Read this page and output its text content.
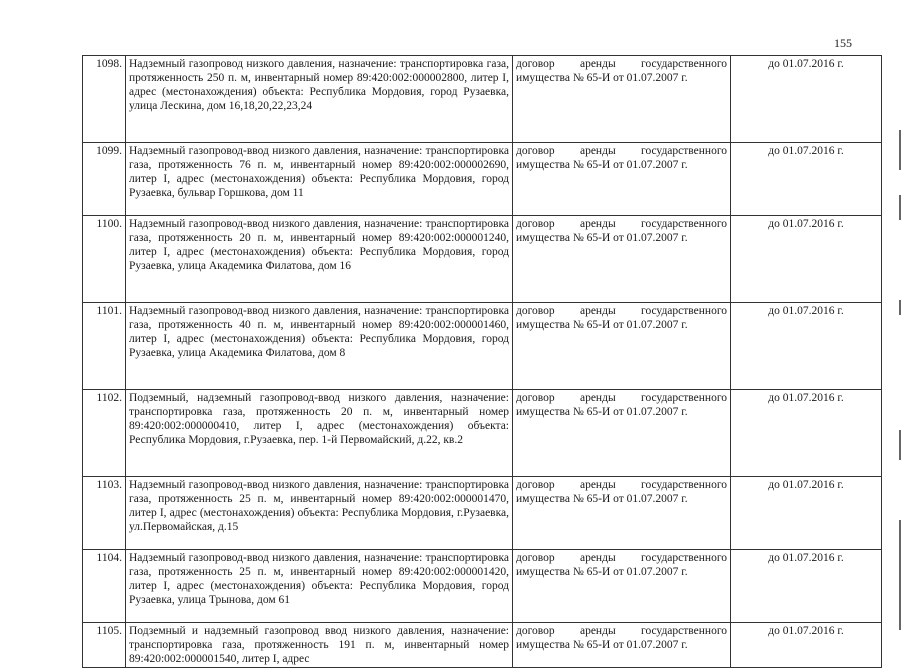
155
1098.	Надземный газопровод низкого давления, назначение: транспортировка газа, протяженность 250 п. м, инвентарный номер 89:420:002:000002800, литер I, адрес (местонахождения) объекта: Республика Мордовия, город Рузаевка, улица Лескина, дом 16,18,20,22,23,24	договор аренды государственного имущества № 65-И от 01.07.2007 г.	до 01.07.2016 г.
1099.	Надземный газопровод-ввод низкого давления, назначение: транспортировка газа, протяженность 76 п. м, инвентарный номер 89:420:002:000002690, литер I, адрес (местонахождения) объекта: Республика Мордовия, город Рузаевка, бульвар Горшкова, дом 11	договор аренды государственного имущества № 65-И от 01.07.2007 г.	до 01.07.2016 г.
1100.	Надземный газопровод-ввод низкого давления, назначение: транспортировка газа, протяженность 20 п. м, инвентарный номер 89:420:002:000001240, литер I, адрес (местонахождения) объекта: Республика Мордовия, город Рузаевка, улица Академика Филатова, дом 16	договор аренды государственного имущества № 65-И от 01.07.2007 г.	до 01.07.2016 г.
1101.	Надземный газопровод-ввод низкого давления, назначение: транспортировка газа, протяженность 40 п. м, инвентарный номер 89:420:002:000001460, литер I, адрес (местонахождения) объекта: Республика Мордовия, город Рузаевка, улица Академика Филатова, дом 8	договор аренды государственного имущества № 65-И от 01.07.2007 г.	до 01.07.2016 г.
1102.	Подземный, надземный газопровод-ввод низкого давления, назначение: транспортировка газа, протяженность 20 п. м, инвентарный номер 89:420:002:000000410, литер I, адрес (местонахождения) объекта: Республика Мордовия, г.Рузаевка, пер. 1-й Первомайский, д.22, кв.2	договор аренды государственного имущества № 65-И от 01.07.2007 г.	до 01.07.2016 г.
1103.	Надземный газопровод-ввод низкого давления, назначение: транспортировка газа, протяженность 25 п. м, инвентарный номер 89:420:002:000001470, литер I, адрес (местонахождения) объекта: Республика Мордовия, г.Рузаевка, ул.Первомайская, д.15	договор аренды государственного имущества № 65-И от 01.07.2007 г.	до 01.07.2016 г.
1104.	Надземный газопровод-ввод низкого давления, назначение: транспортировка газа, протяженность 25 п. м, инвентарный номер 89:420:002:000001420, литер I, адрес (местонахождения) объекта: Республика Мордовия, город Рузаевка, улица Трынова, дом 61	договор аренды государственного имущества № 65-И от 01.07.2007 г.	до 01.07.2016 г.
1105.	Подземный и надземный газопровод ввод низкого давления, назначение: транспортировка газа, протяженность 191 п. м, инвентарный номер 89:420:002:000001540, литер I, адрес	договор аренды государственного имущества № 65-И от 01.07.2007 г.	до 01.07.2016 г.
